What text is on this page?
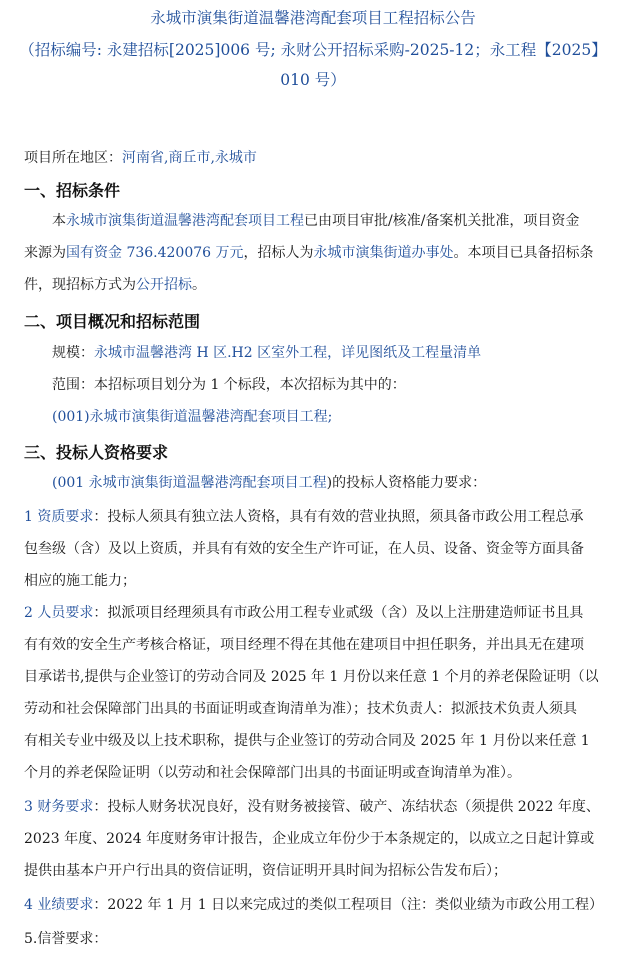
永城市演集街道温馨港湾配套项目工程招标公告
（招标编号: 永建招标[2025]006 号; 永财公开招标采购-2025-12；永工程【2025】
010 号）
项目所在地区：河南省,商丘市,永城市
一、招标条件
本永城市演集街道温馨港湾配套项目工程已由项目审批/核准/备案机关批准，项目资金
来源为国有资金 736.420076 万元，招标人为永城市演集街道办事处。本项目已具备招标条
件，现招标方式为公开招标。
二、项目概况和招标范围
规模：永城市温馨港湾 H 区.H2 区室外工程，详见图纸及工程量清单
范围：本招标项目划分为 1 个标段，本次招标为其中的：
(001)永城市演集街道温馨港湾配套项目工程;
三、投标人资格要求
(001 永城市演集街道温馨港湾配套项目工程)的投标人资格能力要求：
1 资质要求：投标人须具有独立法人资格，具有有效的营业执照，须具备市政公用工程总承
包叁级（含）及以上资质，并具有有效的安全生产许可证，在人员、设备、资金等方面具备
相应的施工能力；
2 人员要求：拟派项目经理须具有市政公用工程专业贰级（含）及以上注册建造师证书且具
有有效的安全生产考核合格证，项目经理不得在其他在建项目中担任职务，并出具无在建项
目承诺书,提供与企业签订的劳动合同及 2025 年 1 月份以来任意 1 个月的养老保险证明（以
劳动和社会保障部门出具的书面证明或查询清单为准）；技术负责人：拟派技术负责人须具
有相关专业中级及以上技术职称，提供与企业签订的劳动合同及 2025 年 1 月份以来任意 1
个月的养老保险证明（以劳动和社会保障部门出具的书面证明或查询清单为准）。
3 财务要求：投标人财务状况良好，没有财务被接管、破产、冻结状态（须提供 2022 年度、
2023 年度、2024 年度财务审计报告，企业成立年份少于本条规定的，以成立之日起计算或
提供由基本户开户行出具的资信证明，资信证明开具时间为招标公告发布后）；
4 业绩要求：2022 年 1 月 1 日以来完成过的类似工程项目（注：类似业绩为市政公用工程）
5.信誉要求：
